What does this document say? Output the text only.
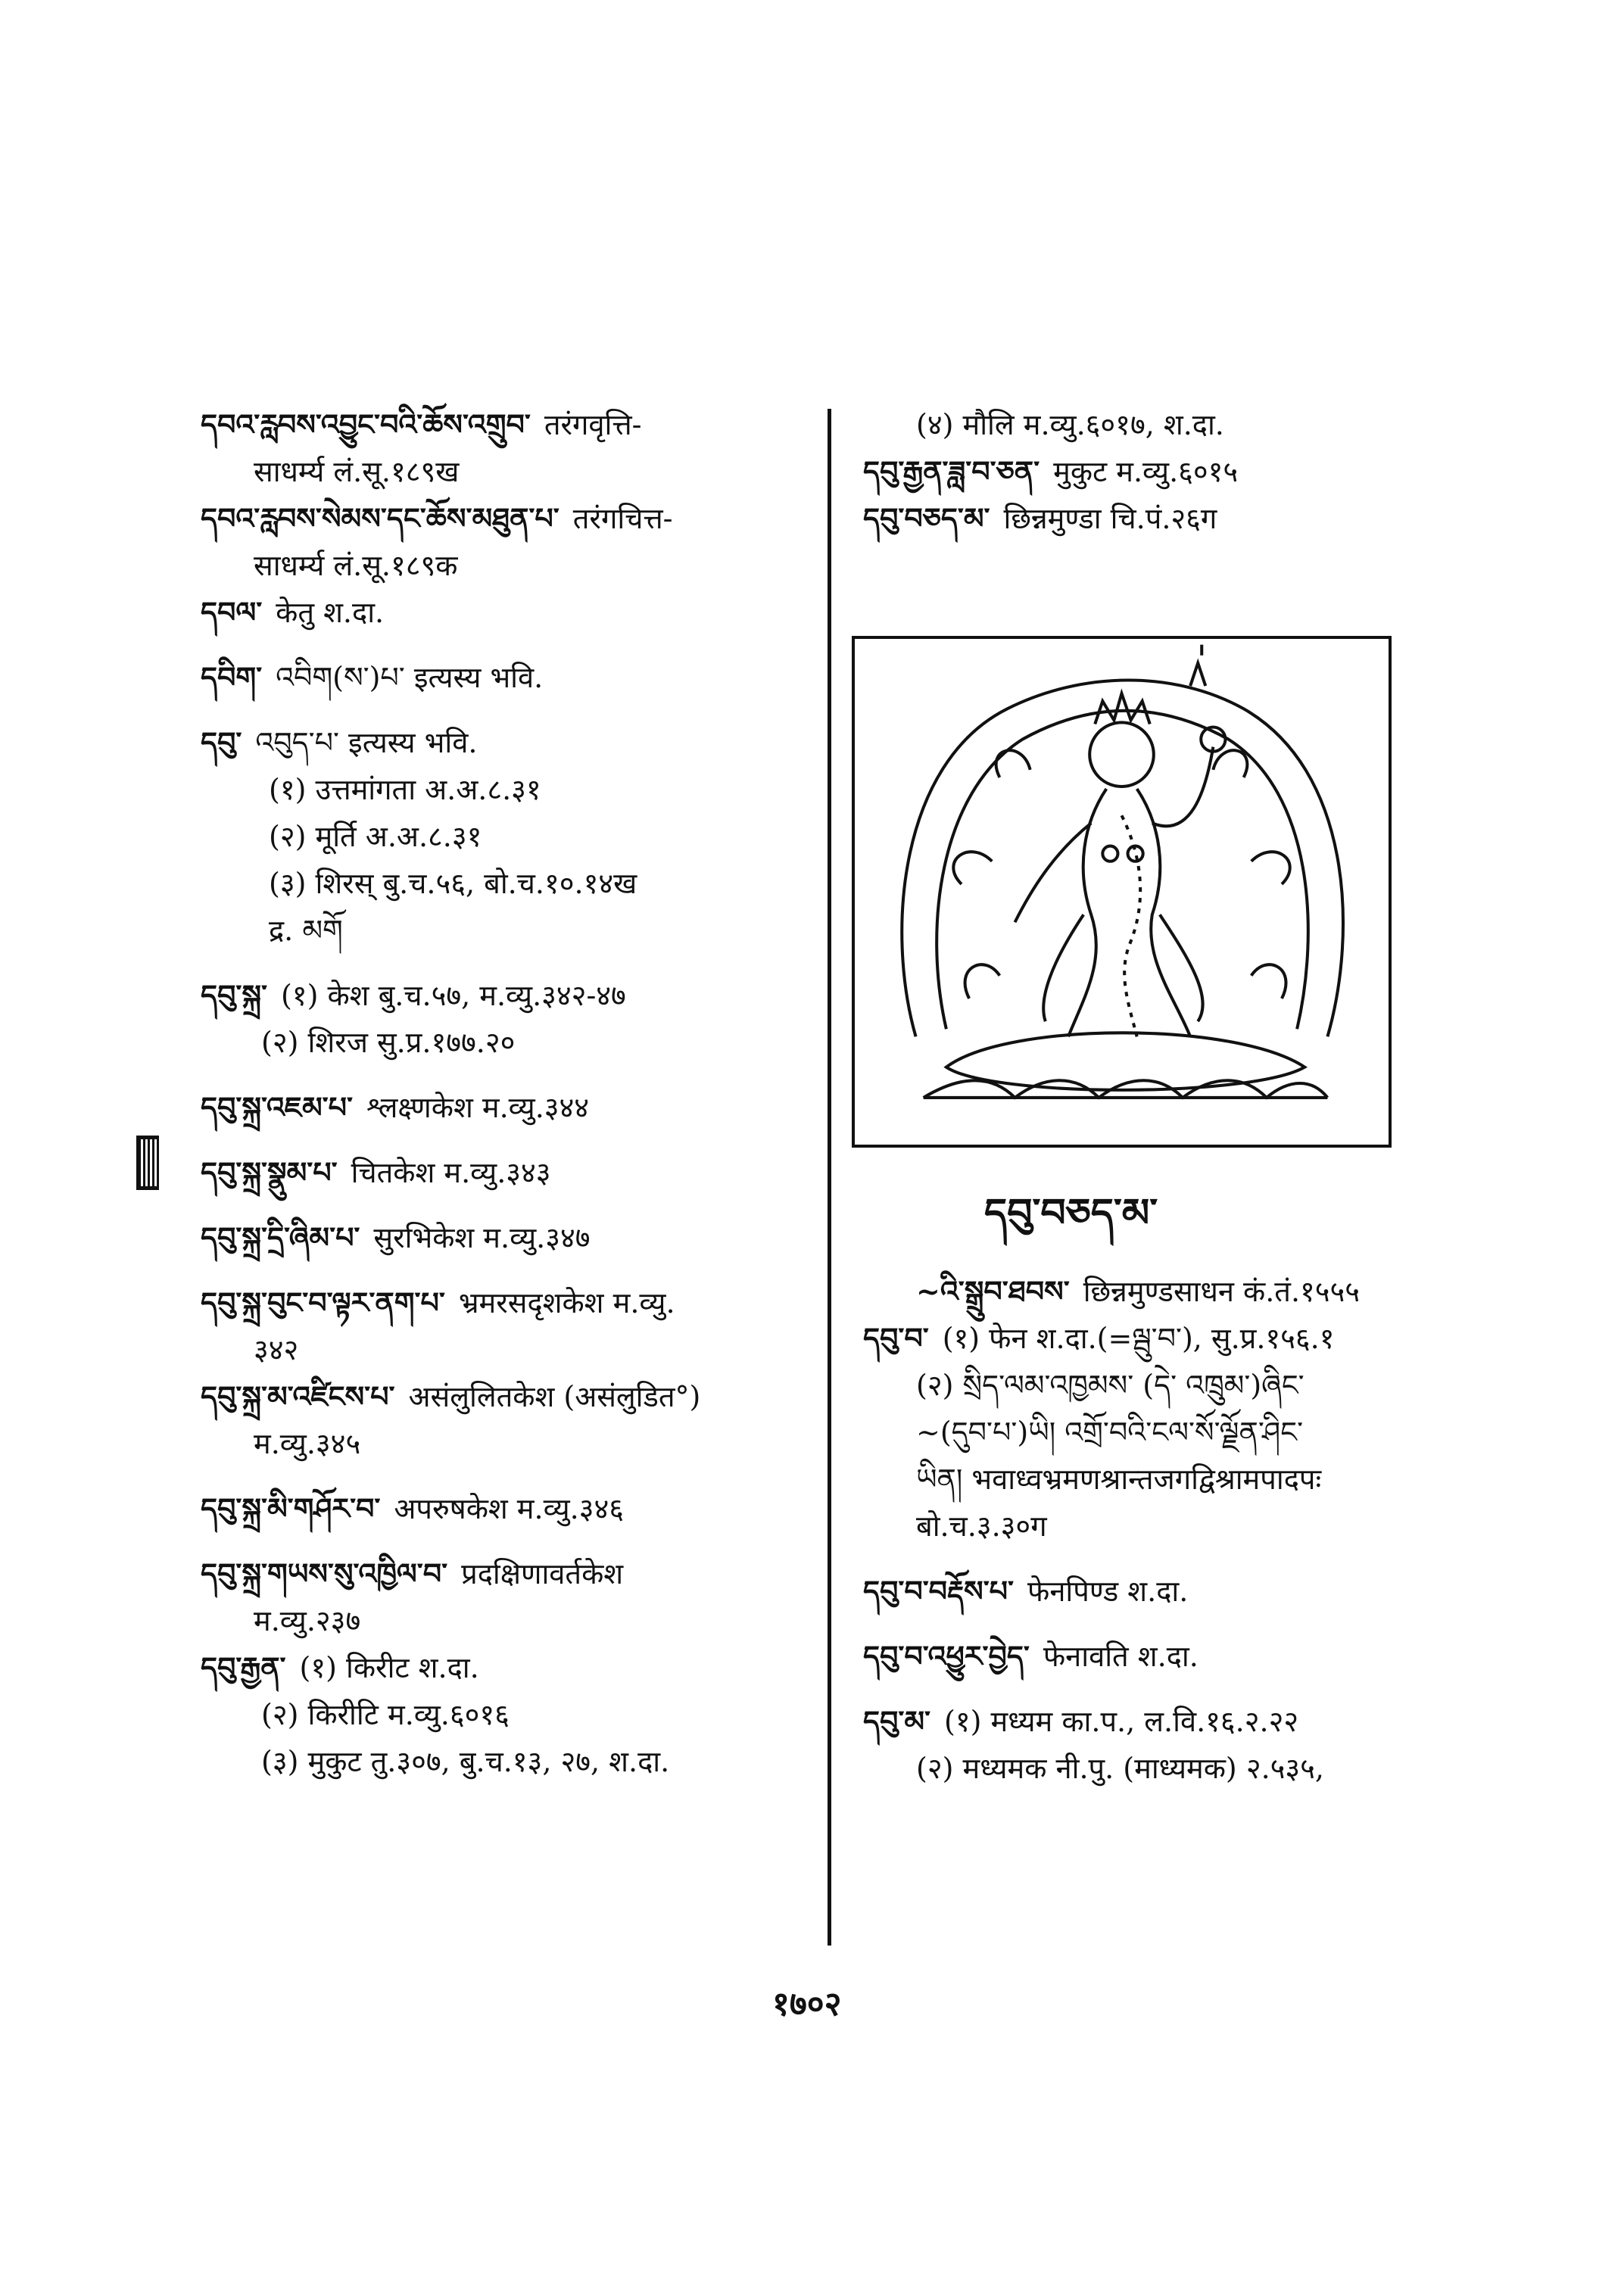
དབའ་རླབས་འབྱུང་བའི་ཆོས་འགྲུབ་ तरंगवृत्ति-
साधर्म्य लं.सू.१८९ख
དབའ་རླབས་སེམས་དང་ཆོས་མཐུན་པ་ तरंगचित्त-
साधर्म्य लं.सू.१८९क
དབལ་ केतु श.दा.
དབིག་ འབིག(ས་)པ་ इत्यस्य भवि.
དབུ་ འབུད་པ་ इत्यस्य भवि.
(१) उत्तमांगता अ.अ.८.३१
(२) मूर्ति अ.अ.८.३१
(३) शिरस् बु.च.५६, बो.च.१०.१४ख
द्र. མགོ
དབུ་སྐྲ་ (१) केश बु.च.५७, म.व्यु.३४२-४७
(२) शिरज सु.प्र.१७७.२०
དབུ་སྐྲ་འཇམ་པ་ श्लक्ष्णकेश म.व्यु.३४४
དབུ་སྐྲ་སྣུམ་པ་ चितकेश म.व्यु.३४३
དབུ་སྐྲ་དྲི་ཞིམ་པ་ सुरभिकेश म.व्यु.३४७
དབུ་སྐྲ་བུང་བ་ལྟར་ནག་པ་ भ्रमरसदृशकेश म.व्यु.
३४२
དབུ་སྐྲ་མ་འཛིངས་པ་ असंलुलितकेश (असंलुडित°)
म.व्यु.३४५
དབུ་སྐྲ་མི་གཤོར་བ་ अपरुषकेश म.व्यु.३४६
དབུ་སྐྲ་གཡས་སུ་འཁྱིལ་བ་ प्रदक्षिणावर्तकेश
म.व्यु.२३७
དབུ་རྒྱན་ (१) किरीट श.दा.
(२) किरीटि म.व्यु.६०१६
(३) मुकुट तु.३०७, बु.च.१३, २७, श.दा.
(४) मौलि म.व्यु.६०१७, श.दा.
དབུ་རྒྱན་ཟླ་བ་ཅན་ मुकुट म.व्यु.६०१५
དབུ་བཅད་མ་ छिन्नमुण्डा चि.पं.२६ग
དབུ་བཅད་མ་
~འི་སྒྲུབ་ཐབས་ छिन्नमुण्डसाधन कं.तं.१५५५
དབུ་བ་ (१) फेन श.दा.(=ལྦུ་བ་), सु.प्र.१५६.१
(२) སྲིད་ལམ་འཁྱམས་ (དེ་ འཁྲུམ་)ཞིང་
~(དུབ་པ་)ཡི། འགྲོ་བའི་ངལ་སོ་ལྗོན་ཤིང་
ཡིན། भवाध्वभ्रमणश्रान्तजगद्विश्रामपादपः
बो.च.३.३०ग
དབུ་བ་བརྡོས་པ་ फेनपिण्ड श.दा.
དབུ་བ་འཕྱུར་བྱེད་ फेनावति श.दा.
དབུ་མ་ (१) मध्यम का.प., ल.वि.१६.२.२२
(२) मध्यमक नी.पु. (माध्यमक) २.५३५,
१७०२
